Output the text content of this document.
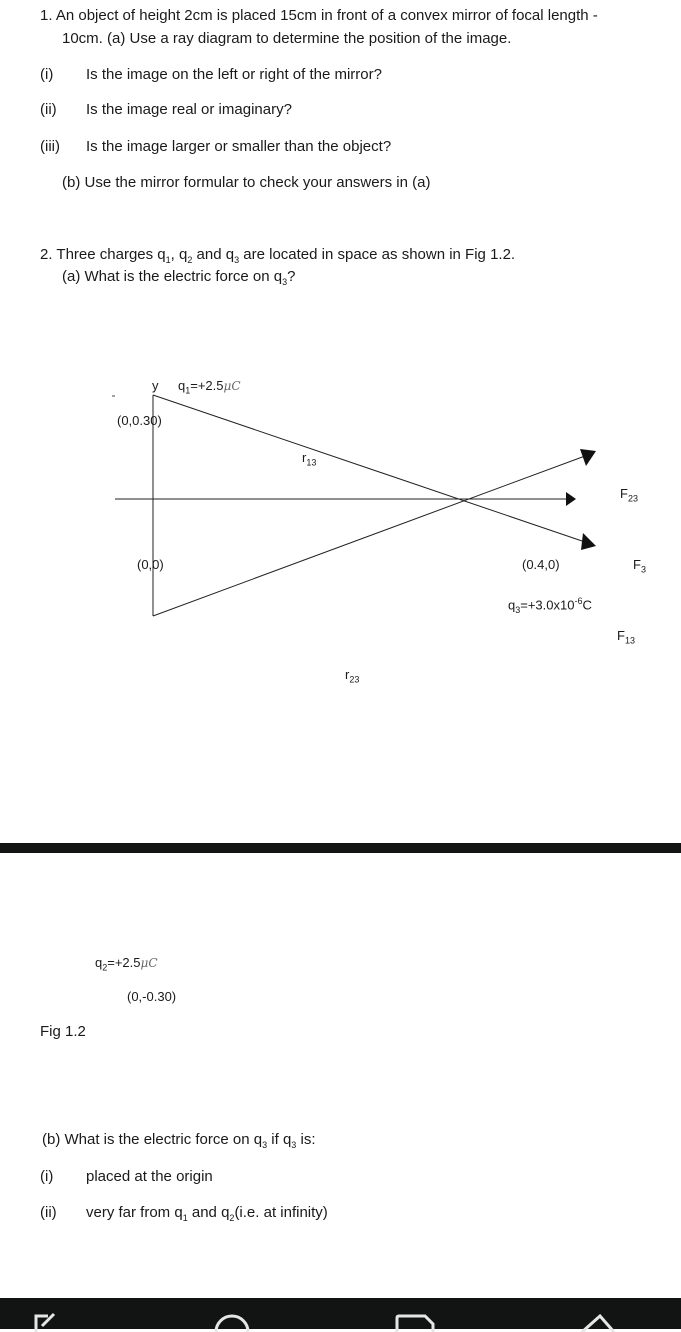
1. An object of height 2cm is placed 15cm in front of a convex mirror of focal length -
10cm. (a) Use a ray diagram to determine the position of the image.
(i) Is the image on the left or right of the mirror?
(ii) Is the image real or imaginary?
(iii) Is the image larger or smaller than the object?
(b) Use the mirror formular to check your answers in (a)
2. Three charges $q_1$, $q_2$ and $q_3$ are located in space as shown in Fig 1.2.
(a) What is the electric force on $q_3$?
y $q_1=+2.5\mu C$
(0,0.30)
$r_{13}$
$F_{23}$
(0,0)	(0.4,0)	$F_3$
$q_3=+3.0x10^{-6}C$
$F_{13}$
$r_{23}$
$q_2=+2.5\mu C$
(0,-0.30)
Fig 1.2
(b) What is the electric force on $q_3$ if $q_3$ is:
(i) placed at the origin
(ii) very far from $q_1$ and $q_2(i.e$. at infinity)
